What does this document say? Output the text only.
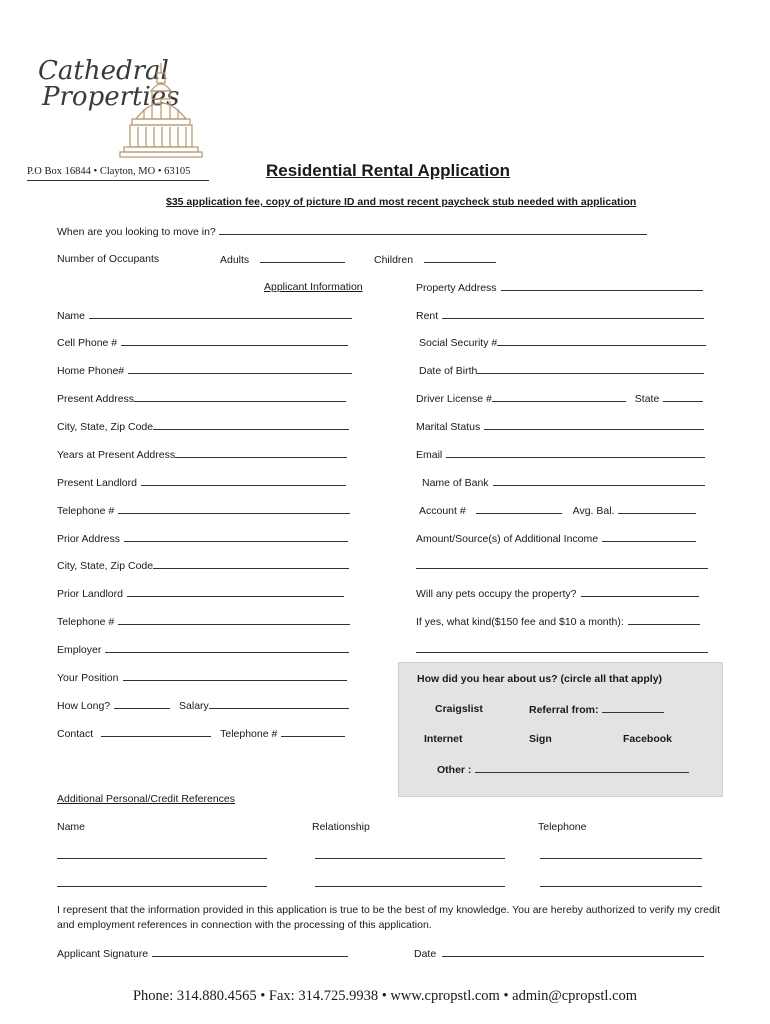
Cathedral
Properties
P.O Box 16844 • Clayton, MO • 63105	Residential Rental Application
$35 application fee, copy of picture ID and most recent paycheck stub needed with application
When are you looking to move in?
Number of Occupants	Adults	Children
Applicant Information
Name
Cell Phone #
Home Phone#
Present Address
City, State, Zip Code
Years at Present Address
Present Landlord
Telephone #
Prior Address
City, State, Zip Code
Prior Landlord
Telephone #
Employer
Your Position
How Long?	Salary
Contact	Telephone #
Property Address
Rent
Social Security #
Date of Birth
Driver License #	State
Marital Status
Email
Name of Bank
Account #	Avg. Bal.
Amount/Source(s) of Additional Income
Will any pets occupy the property?
If yes, what kind($150 fee and $10 a month):
How did you hear about us? (circle all that apply)
Craigslist	Referral from:
Internet	Sign	Facebook
Other :
Additional Personal/Credit References
Name	Relationship	Telephone
I represent that the information provided in this application is true to be the best of my knowledge. You are hereby authorized to verify my credit and employment references in connection with the processing of this application.
Applicant Signature	Date
Phone: 314.880.4565 • Fax: 314.725.9938 • www.cpropstl.com • admin@cpropstl.com
